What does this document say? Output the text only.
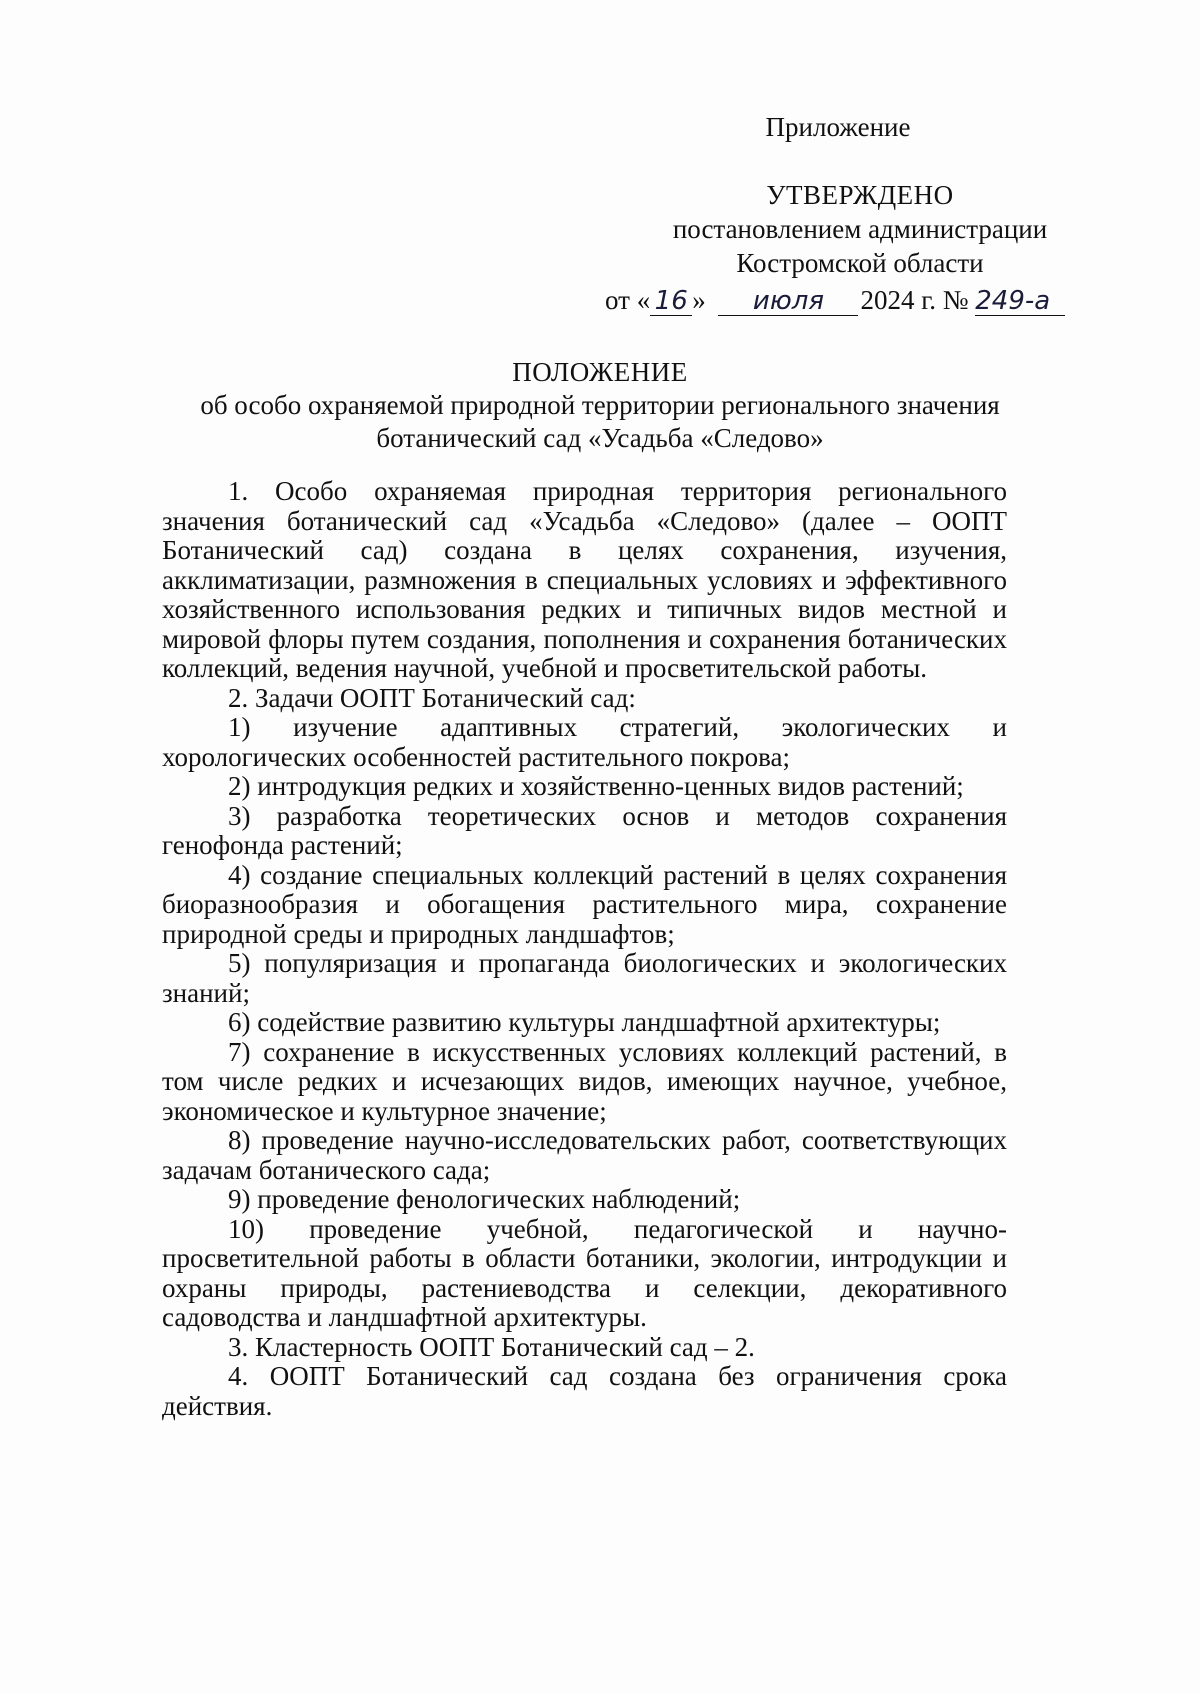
Приложение
УТВЕРЖДЕНО
постановлением администрации
Костромской области
от « 16 » июля 2024 г. № 249-а
ПОЛОЖЕНИЕ
об особо охраняемой природной территории регионального значения
ботанический сад «Усадьба «Следово»

1. Особо охраняемая природная территория регионального значения ботанический сад «Усадьба «Следово» (далее – ООПТ Ботанический сад) создана в целях сохранения, изучения, акклиматизации, размножения в специальных условиях и эффективного хозяйственного использования редких и типичных видов местной и мировой флоры путем создания, пополнения и сохранения ботанических коллекций, ведения научной, учебной и просветительской работы.

2. Задачи ООПТ Ботанический сад:

1) изучение адаптивных стратегий, экологических и хорологических особенностей растительного покрова;

2) интродукция редких и хозяйственно-ценных видов растений;

3) разработка теоретических основ и методов сохранения генофонда растений;

4) создание специальных коллекций растений в целях сохранения биоразнообразия и обогащения растительного мира, сохранение природной среды и природных ландшафтов;

5) популяризация и пропаганда биологических и экологических знаний;

6) содействие развитию культуры ландшафтной архитектуры;

7) сохранение в искусственных условиях коллекций растений, в том числе редких и исчезающих видов, имеющих научное, учебное, экономическое и культурное значение;

8) проведение научно-исследовательских работ, соответствующих задачам ботанического сада;

9) проведение фенологических наблюдений;

10) проведение учебной, педагогической и научно-просветительной работы в области ботаники, экологии, интродукции и охраны природы, растениеводства и селекции, декоративного садоводства и ландшафтной архитектуры.

3. Кластерность ООПТ Ботанический сад – 2.

4. ООПТ Ботанический сад создана без ограничения срока действия.
